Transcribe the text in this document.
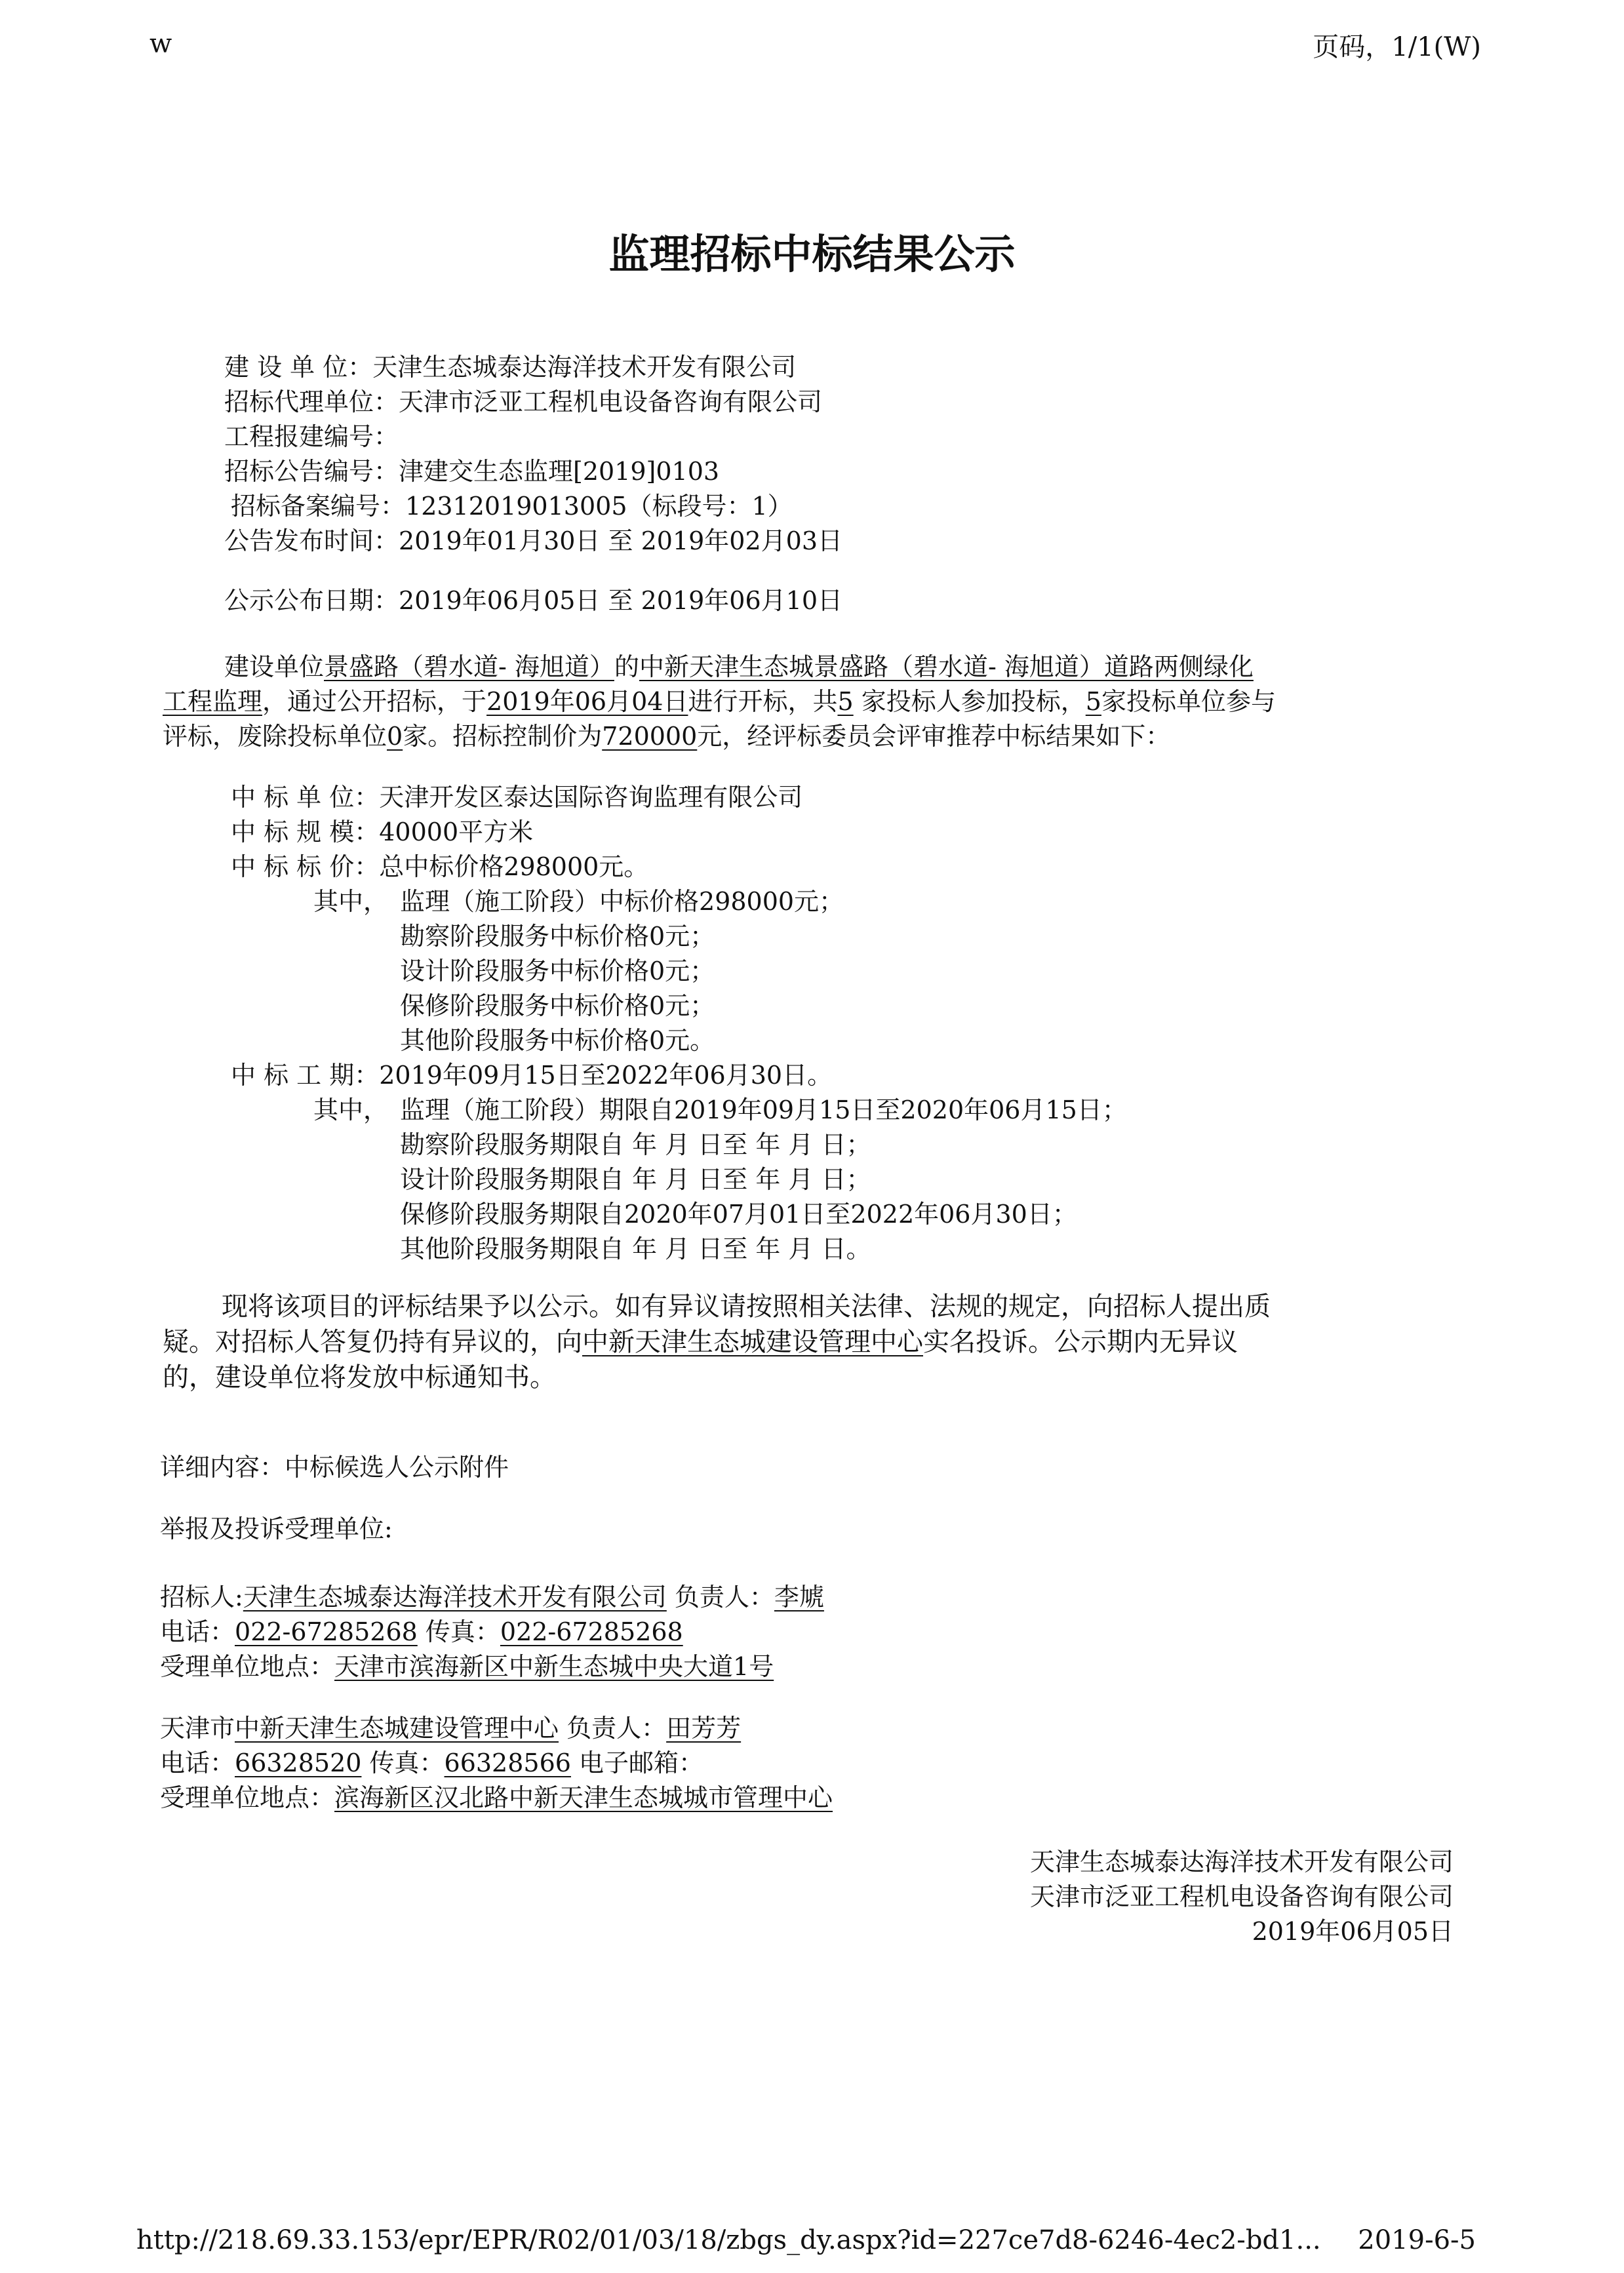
w	页码，1/1(W)
监理招标中标结果公示
建 设 单 位：天津生态城泰达海洋技术开发有限公司
招标代理单位：天津市泛亚工程机电设备咨询有限公司
工程报建编号：
招标公告编号：津建交生态监理[2019]0103
招标备案编号：12312019013005（标段号：1）
公告发布时间：2019年01月30日 至 2019年02月03日
公示公布日期：2019年06月05日 至 2019年06月10日
建设单位景盛路（碧水道- 海旭道）的中新天津生态城景盛路（碧水道- 海旭道）道路两侧绿化
工程监理，通过公开招标，于2019年06月04日进行开标，共5 家投标人参加投标，5家投标单位参与
评标，废除投标单位0家。招标控制价为720000元，经评标委员会评审推荐中标结果如下：
中 标 单 位：天津开发区泰达国际咨询监理有限公司
中 标 规 模：40000平方米
中 标 标 价：总中标价格298000元。
其中， 监理（施工阶段）中标价格298000元；
勘察阶段服务中标价格0元；
设计阶段服务中标价格0元；
保修阶段服务中标价格0元；
其他阶段服务中标价格0元。
中 标 工 期：2019年09月15日至2022年06月30日。
其中， 监理（施工阶段）期限自2019年09月15日至2020年06月15日；
勘察阶段服务期限自 年 月 日至 年 月 日；
设计阶段服务期限自 年 月 日至 年 月 日；
保修阶段服务期限自2020年07月01日至2022年06月30日；
其他阶段服务期限自 年 月 日至 年 月 日。
现将该项目的评标结果予以公示。如有异议请按照相关法律、法规的规定，向招标人提出质
疑。对招标人答复仍持有异议的，向中新天津生态城建设管理中心实名投诉。公示期内无异议
的，建设单位将发放中标通知书。
详细内容：中标候选人公示附件
举报及投诉受理单位:
招标人:天津生态城泰达海洋技术开发有限公司 负责人：李虓
电话：022-67285268 传真：022-67285268
受理单位地点：天津市滨海新区中新生态城中央大道1号
天津市中新天津生态城建设管理中心 负责人：田芳芳
电话：66328520 传真：66328566 电子邮箱：
受理单位地点：滨海新区汉北路中新天津生态城城市管理中心
天津生态城泰达海洋技术开发有限公司
天津市泛亚工程机电设备咨询有限公司
2019年06月05日
http://218.69.33.153/epr/EPR/R02/01/03/18/zbgs_dy.aspx?id=227ce7d8-6246-4ec2-bd1... 2019-6-5
